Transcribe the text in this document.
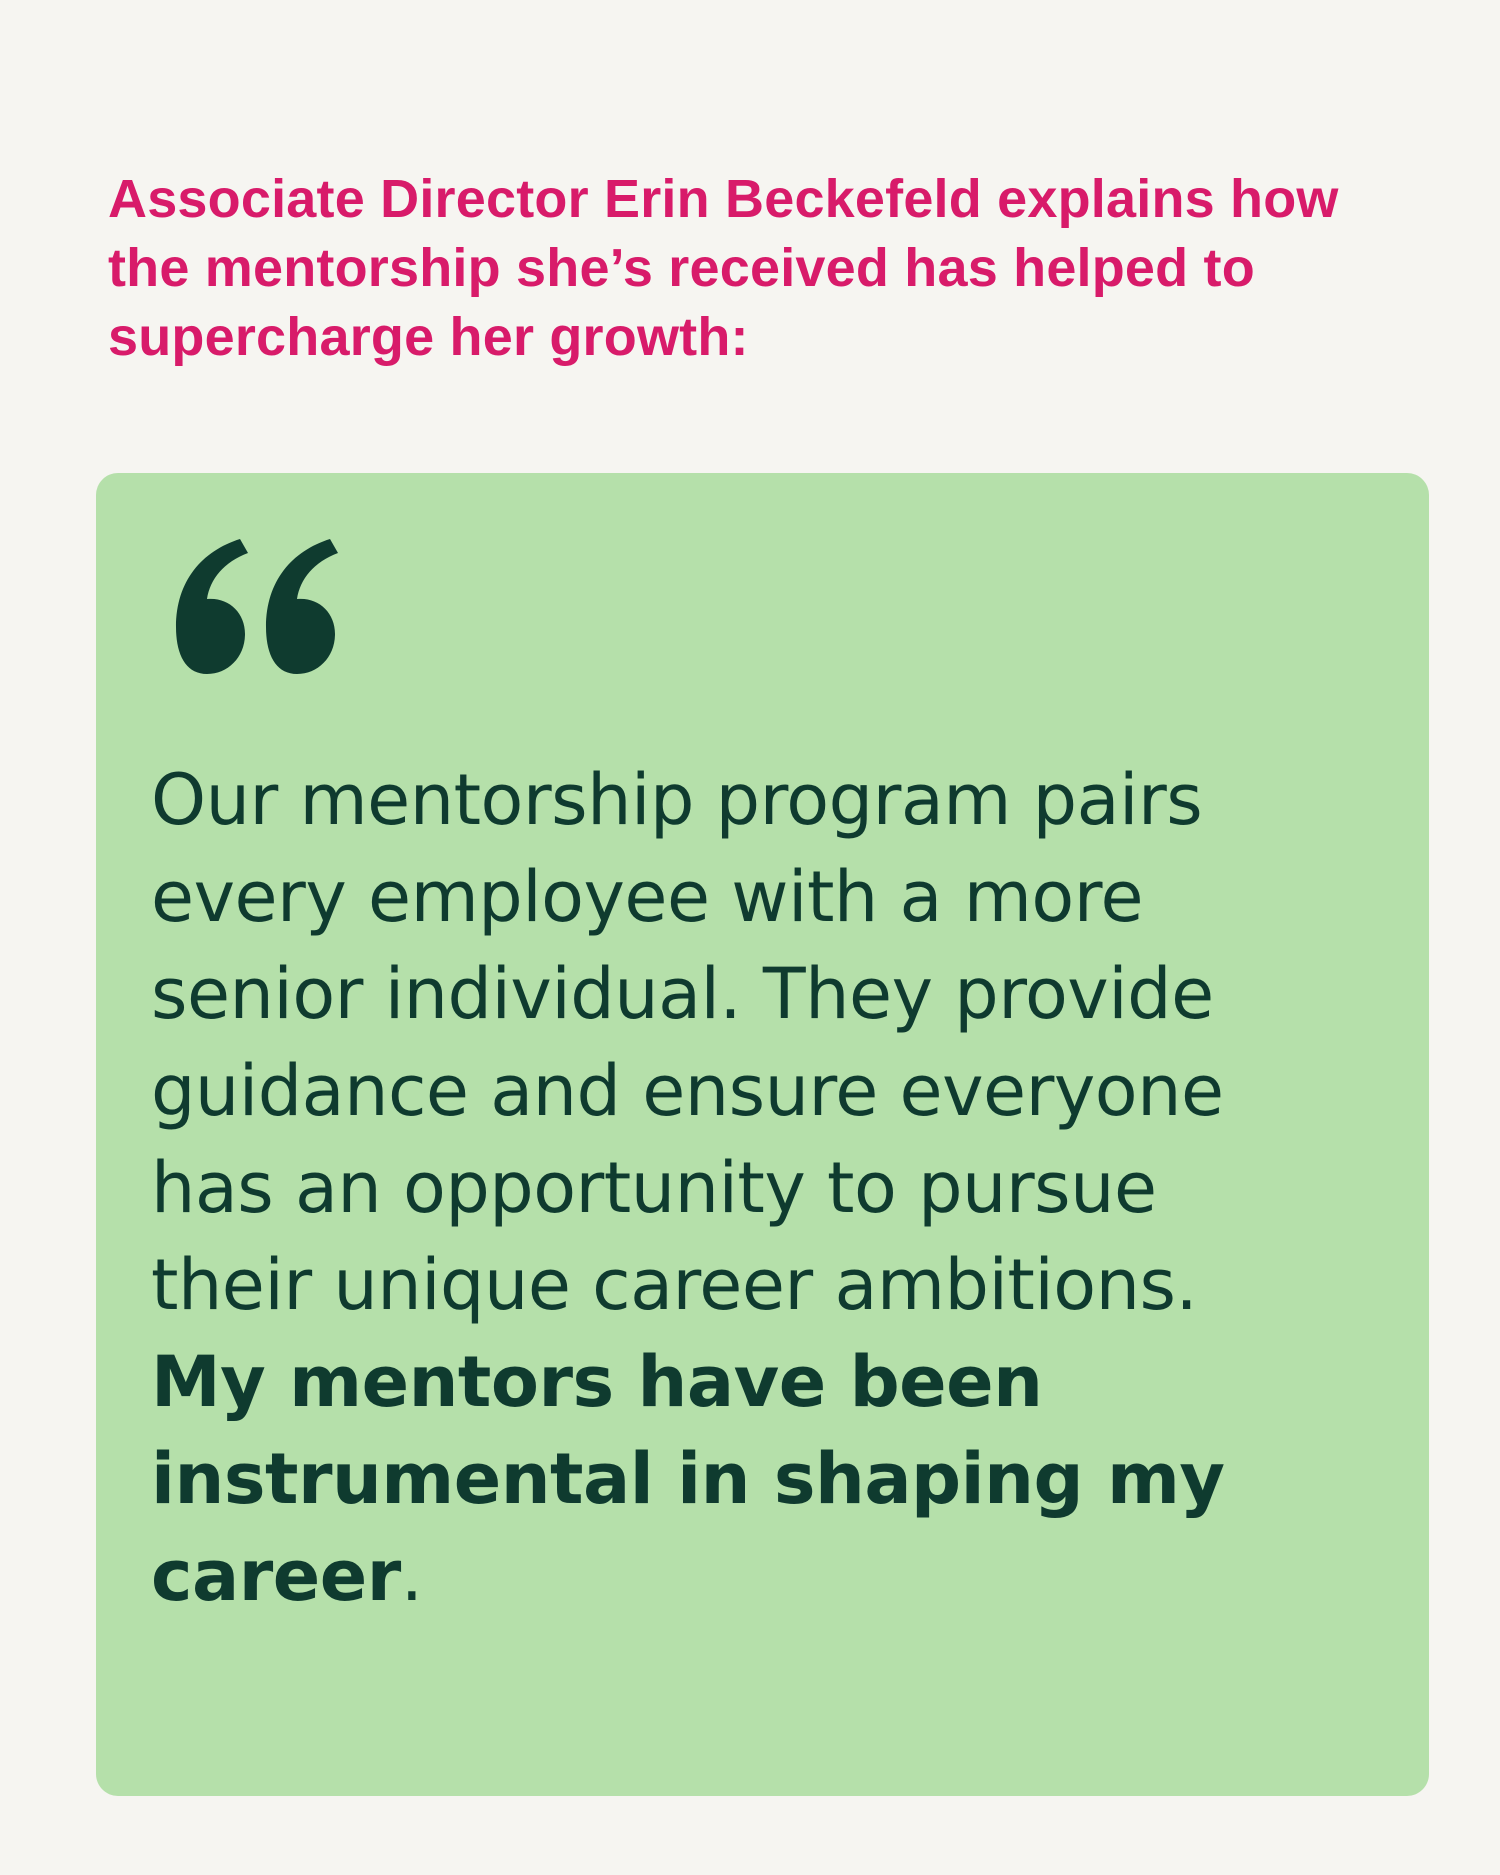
Associate Director Erin Beckefeld explains how the mentorship she’s received has helped to supercharge her growth:

Our mentorship program pairs every employee with a more senior individual. They provide guidance and ensure everyone has an opportunity to pursue their unique career ambitions. My mentors have been instrumental in shaping my career.
